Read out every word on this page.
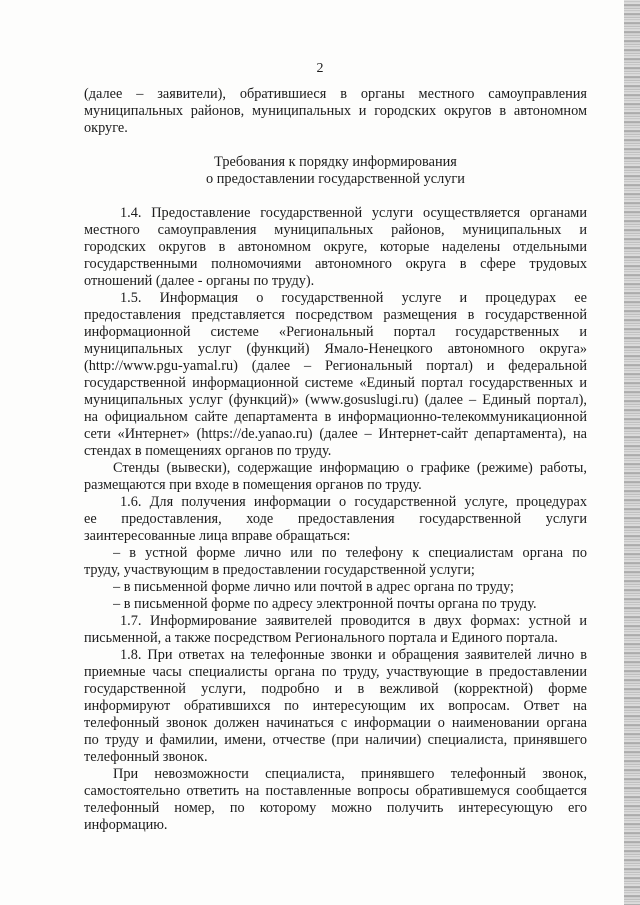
2
(далее – заявители), обратившиеся в органы местного самоуправления
муниципальных районов, муниципальных и городских округов в автономном
округе.
Требования к порядку информирования
о предоставлении государственной услуги
1.4. Предоставление государственной услуги осуществляется органами
местного самоуправления муниципальных районов, муниципальных и
городских округов в автономном округе, которые наделены отдельными
государственными полномочиями автономного округа в сфере трудовых
отношений (далее - органы по труду).
1.5. Информация о государственной услуге и процедурах ее
предоставления представляется посредством размещения в государственной
информационной системе «Региональный портал государственных и
муниципальных услуг (функций) Ямало-Ненецкого автономного округа»
(http://www.pgu-yamal.ru) (далее – Региональный портал) и федеральной
государственной информационной системе «Единый портал государственных и
муниципальных услуг (функций)» (www.gosuslugi.ru) (далее – Единый портал),
на официальном сайте департамента в информационно-телекоммуникационной
сети «Интернет» (https://de.yanao.ru) (далее – Интернет-сайт департамента), на
стендах в помещениях органов по труду.
Стенды (вывески), содержащие информацию о графике (режиме) работы,
размещаются при входе в помещения органов по труду.
1.6. Для получения информации о государственной услуге, процедурах
ее предоставления, ходе предоставления государственной услуги
заинтересованные лица вправе обращаться:
– в устной форме лично или по телефону к специалистам органа по
труду, участвующим в предоставлении государственной услуги;
– в письменной форме лично или почтой в адрес органа по труду;
– в письменной форме по адресу электронной почты органа по труду.
1.7. Информирование заявителей проводится в двух формах: устной и
письменной, а также посредством Регионального портала и Единого портала.
1.8. При ответах на телефонные звонки и обращения заявителей лично в
приемные часы специалисты органа по труду, участвующие в предоставлении
государственной услуги, подробно и в вежливой (корректной) форме
информируют обратившихся по интересующим их вопросам. Ответ на
телефонный звонок должен начинаться с информации о наименовании органа
по труду и фамилии, имени, отчестве (при наличии) специалиста, принявшего
телефонный звонок.
При невозможности специалиста, принявшего телефонный звонок,
самостоятельно ответить на поставленные вопросы обратившемуся сообщается
телефонный номер, по которому можно получить интересующую его
информацию.
